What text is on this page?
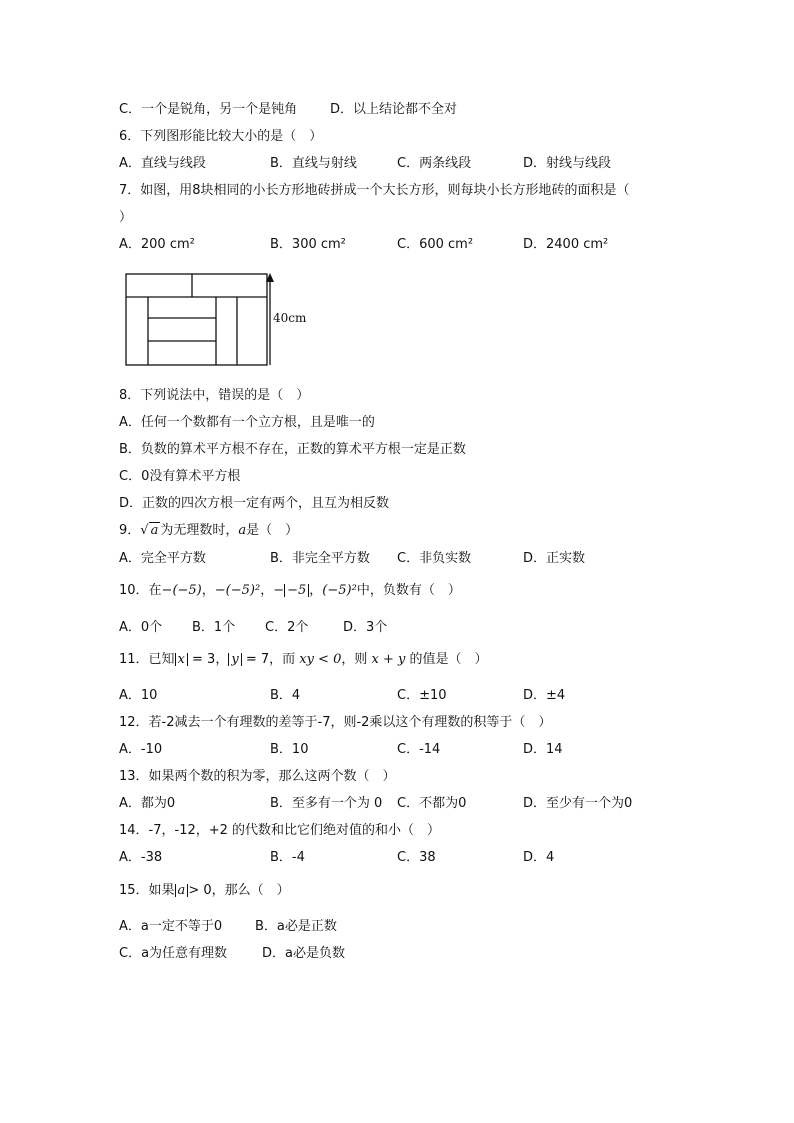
C．一个是锐角，另一个是钝角	D．以上结论都不全对
6．下列图形能比较大小的是（　）
A．直线与线段	B．直线与射线	C．两条线段	D．射线与线段
7．如图，用8块相同的小长方形地砖拼成一个大长方形，则每块小长方形地砖的面积是（
）
A．200 cm²	B．300 cm²	C．600 cm²	D．2400 cm²
40cm
8．下列说法中，错误的是（　）
A．任何一个数都有一个立方根，且是唯一的
B．负数的算术平方根不存在，正数的算术平方根一定是正数
C．0没有算术平方根
D．正数的四次方根一定有两个，且互为相反数
9．√ a 为无理数时，a是（　）
A．完全平方数	B．非完全平方数 C．非负实数	D．正实数
10．在−(−5)，−(−5)²，− −5 ，(−5)²中，负数有（　）
A．0个 B．1个 C．2个	D．3个
11．已知 x = 3， y = 7，而 xy < 0，则 x + y 的值是（　）
A．10	B．4	C．±10	D．±4
12．若-2减去一个有理数的差等于-7，则-2乘以这个有理数的积等于（　）
A．-10	B．10	C．-14	D．14
13．如果两个数的积为零，那么这两个数（　）
A．都为0	B．至多有一个为 0 C．不都为0	D．至少有一个为0
14．-7，-12，+2 的代数和比它们绝对值的和小（　）
A．-38	B．-4	C．38	D．4
15．如果 a > 0，那么（　）
A．a一定不等于0	B．a必是正数
C．a为任意有理数	D．a必是负数
